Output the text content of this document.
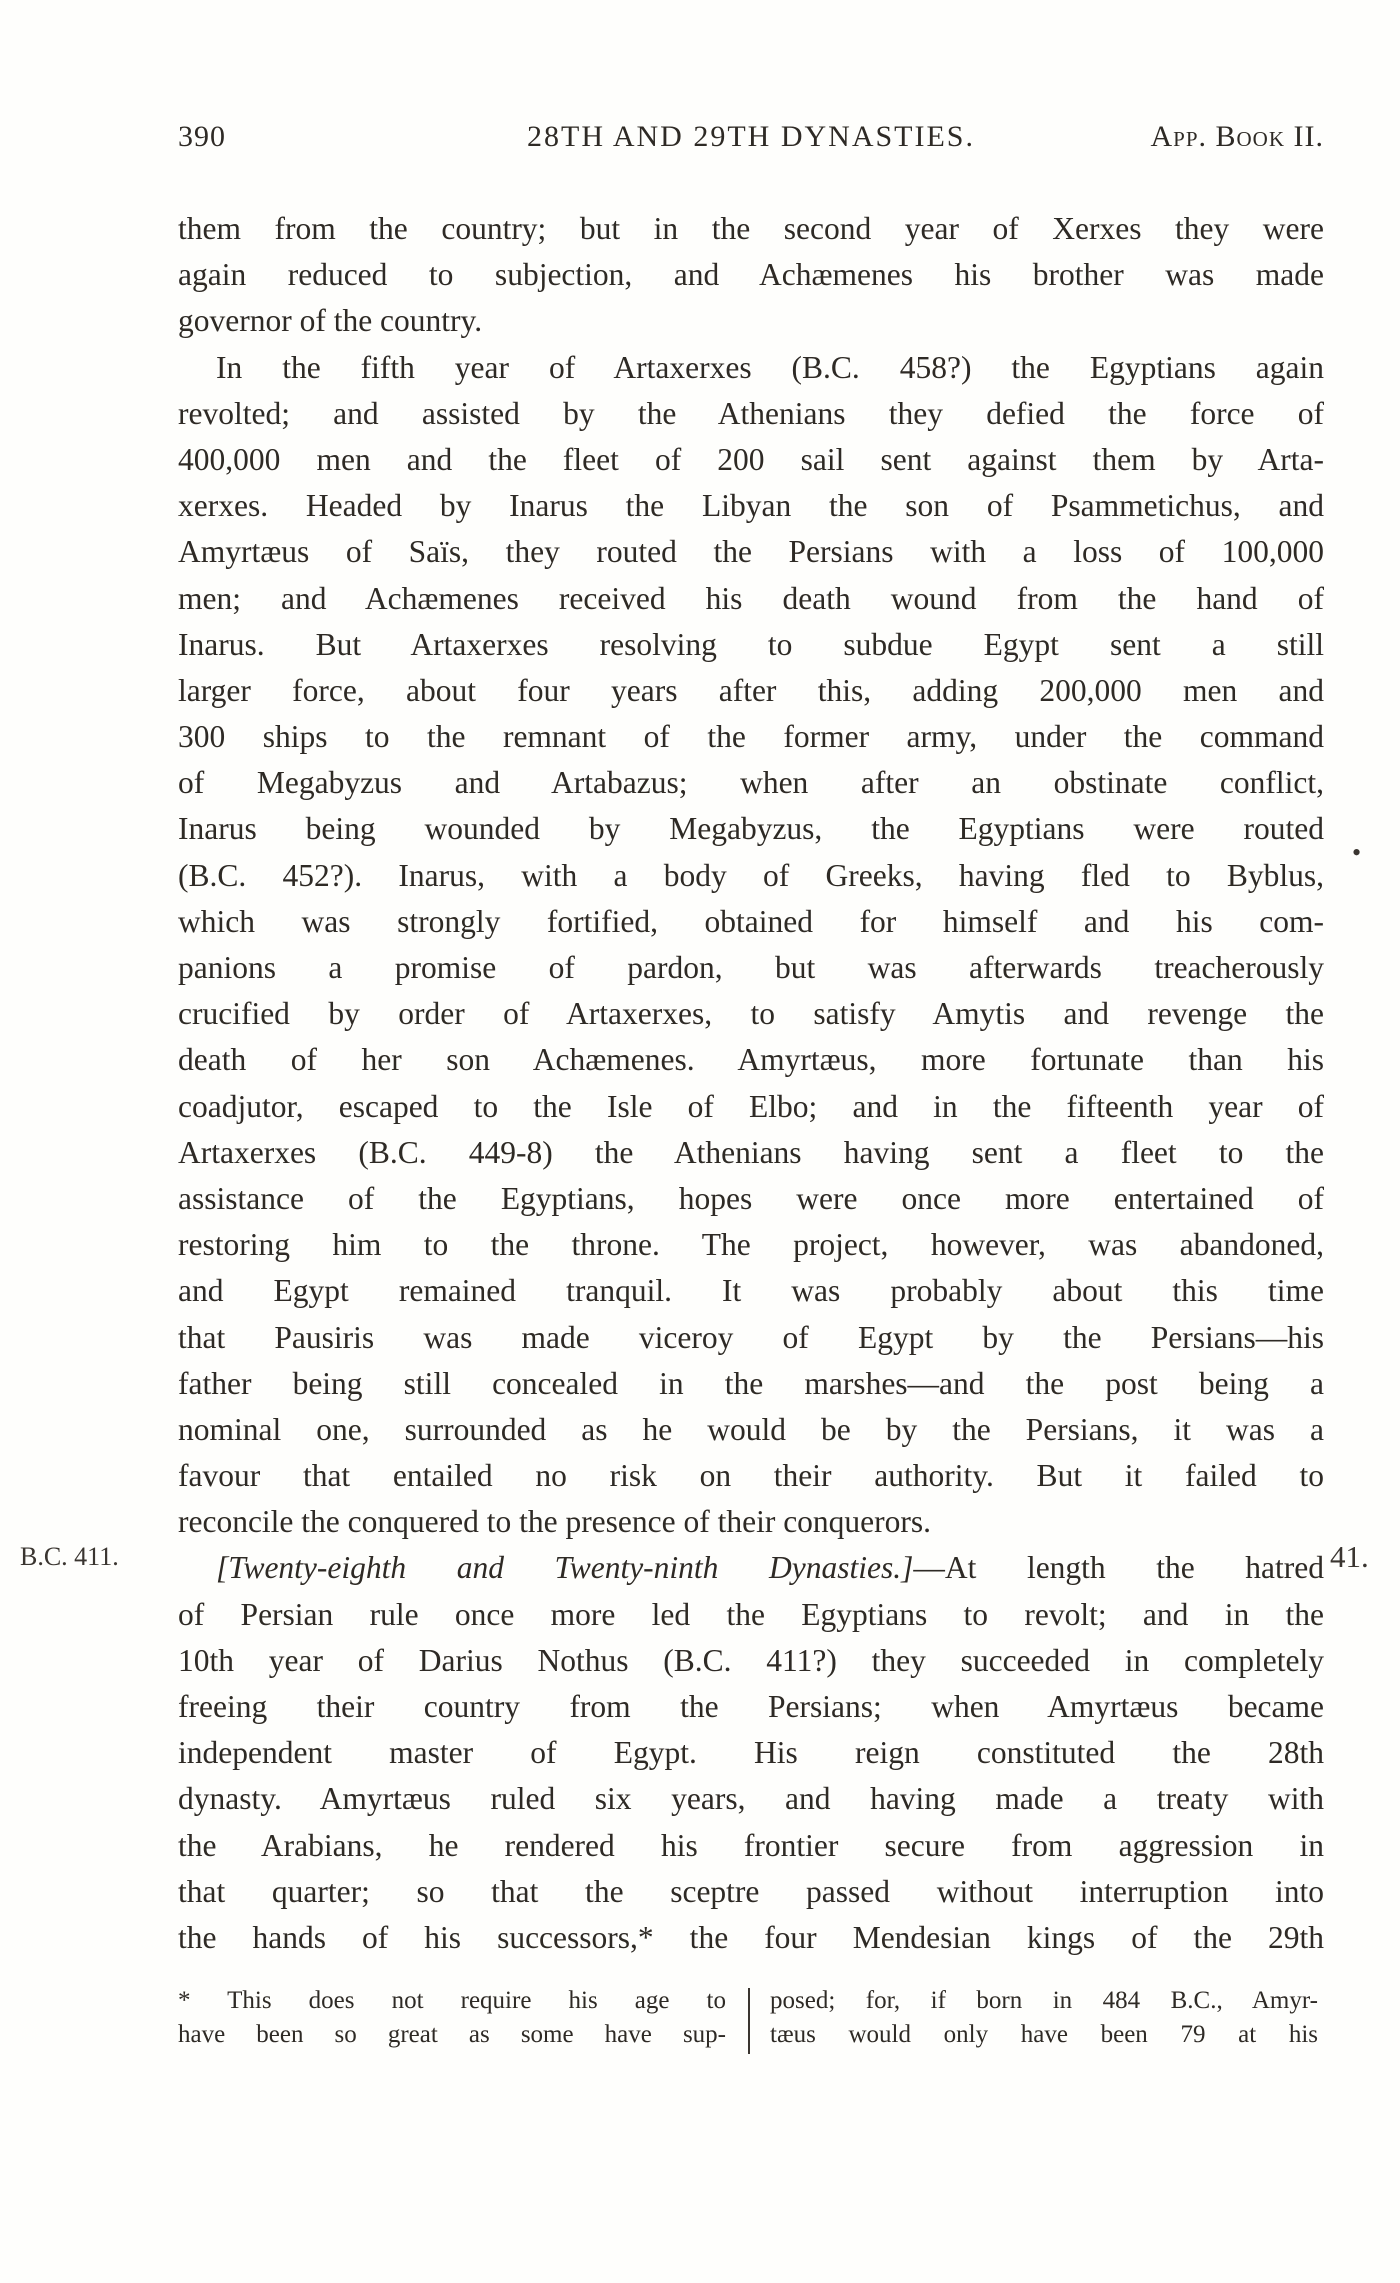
390	28TH AND 29TH DYNASTIES.	App. Book II.
them from the country; but in the second year of Xerxes they were
again reduced to subjection, and Achæmenes his brother was made
governor of the country.
In the fifth year of Artaxerxes (B.C. 458?) the Egyptians again
revolted; and assisted by the Athenians they defied the force of
400,000 men and the fleet of 200 sail sent against them by Arta-
xerxes. Headed by Inarus the Libyan the son of Psammetichus, and
Amyrtæus of Saïs, they routed the Persians with a loss of 100,000
men; and Achæmenes received his death wound from the hand of
Inarus. But Artaxerxes resolving to subdue Egypt sent a still
larger force, about four years after this, adding 200,000 men and
300 ships to the remnant of the former army, under the command
of Megabyzus and Artabazus; when after an obstinate conflict,
Inarus being wounded by Megabyzus, the Egyptians were routed
(B.C. 452?). Inarus, with a body of Greeks, having fled to Byblus,
which was strongly fortified, obtained for himself and his com-
panions a promise of pardon, but was afterwards treacherously
crucified by order of Artaxerxes, to satisfy Amytis and revenge the
death of her son Achæmenes. Amyrtæus, more fortunate than his
coadjutor, escaped to the Isle of Elbo; and in the fifteenth year of
Artaxerxes (B.C. 449-8) the Athenians having sent a fleet to the
assistance of the Egyptians, hopes were once more entertained of
restoring him to the throne. The project, however, was abandoned,
and Egypt remained tranquil. It was probably about this time
that Pausiris was made viceroy of Egypt by the Persians—his
father being still concealed in the marshes—and the post being a
nominal one, surrounded as he would be by the Persians, it was a
favour that entailed no risk on their authority. But it failed to
reconcile the conquered to the presence of their conquerors.
[Twenty-eighth and Twenty-ninth Dynasties.]—At length the hatred
of Persian rule once more led the Egyptians to revolt; and in the
10th year of Darius Nothus (B.C. 411?) they succeeded in completely
freeing their country from the Persians; when Amyrtæus became
independent master of Egypt. His reign constituted the 28th
dynasty. Amyrtæus ruled six years, and having made a treaty with
the Arabians, he rendered his frontier secure from aggression in
that quarter; so that the sceptre passed without interruption into
the hands of his successors,* the four Mendesian kings of the 29th
B.C. 411.	41.
•
* This does not require his age to
have been so great as some have sup-
posed; for, if born in 484 B.C., Amyr-
tæus would only have been 79 at his
